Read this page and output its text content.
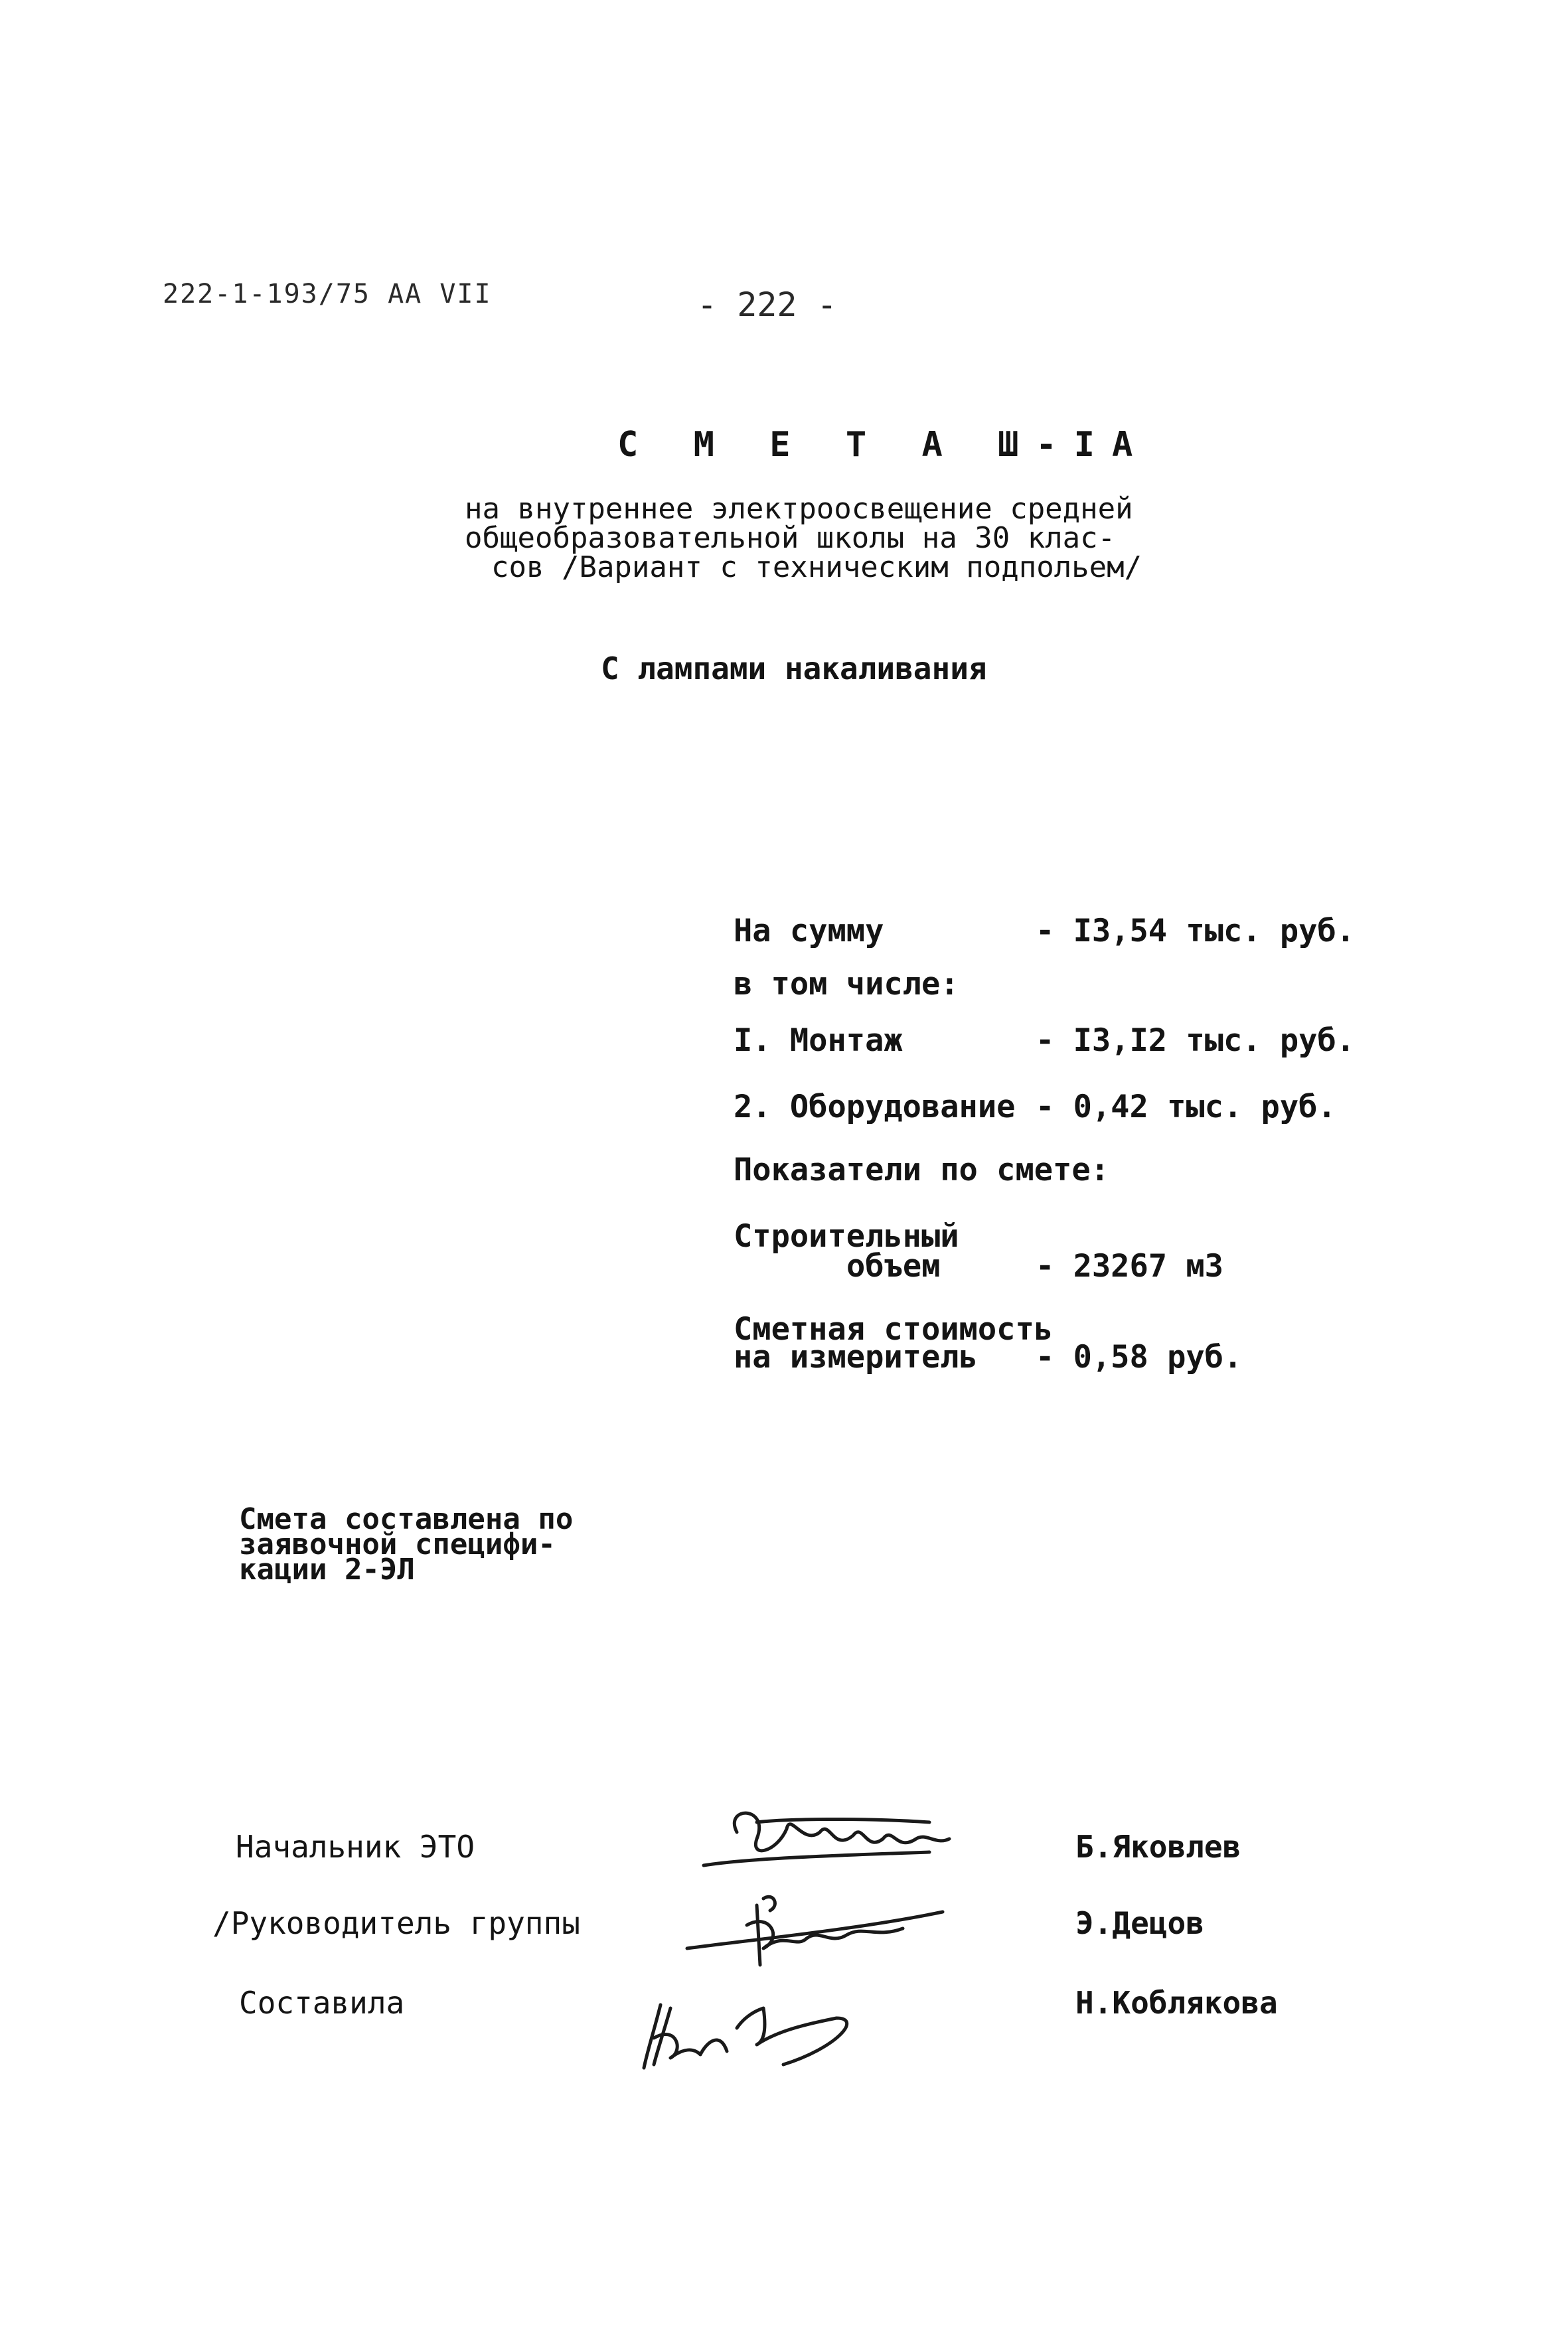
222-1-193/75 АА VII	- 222 -
С М Е Т А Ш-IА
на внутреннее электроосвещение средней
общеобразовательной школы на 30 клас-
сов /Вариант с техническим подпольем/
С лампами накаливания
На сумму	- I3,54 тыс. руб.
в том числе:
I. Монтаж	- I3,I2 тыс. руб.
2. Оборудование - 0,42 тыс. руб.
Показатели по смете:
Строительный
объем	- 23267 м3
Сметная стоимость
на измеритель - 0,58 руб.
Смета составлена по
заявочной специфи-
кации 2-ЭЛ
Начальник ЭТО	Б.Яковлев
/Руководитель группы	Э.Децов
Составила	Н.Коблякова
